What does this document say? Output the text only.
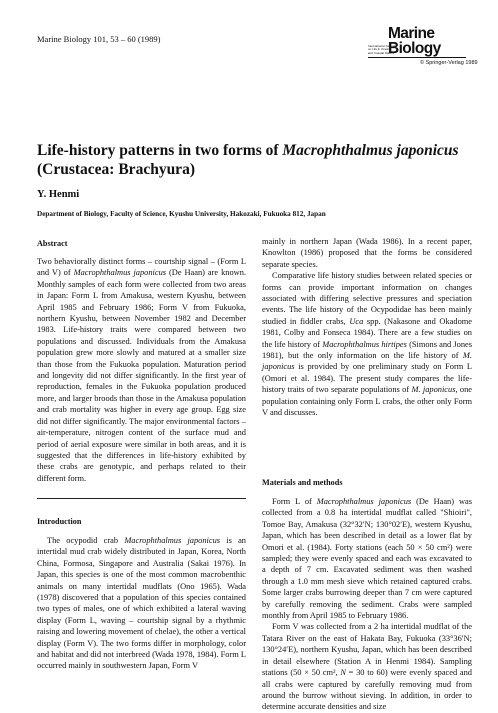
Marine Biology 101, 53 – 60 (1989)
International Journal
on Life in Oceans
and Coastal Waters
Marine
Biology
© Springer-Verlag 1989
Life-history patterns in two forms of Macrophthalmus japonicus (Crustacea: Brachyura)
Y. Henmi
Department of Biology, Faculty of Science, Kyushu University, Hakozaki, Fukuoka 812, Japan
Abstract

Two behaviorally distinct forms – courtship signal – (Form L and V) of Macrophthalmus japonicus (De Haan) are known. Monthly samples of each form were collected from two areas in Japan: Form L from Amakusa, western Kyushu, between April 1985 and February 1986; Form V from Fukuoka, northern Kyushu, between November 1982 and December 1983. Life-history traits were compared between two populations and discussed. Individuals from the Amakusa population grew more slowly and matured at a smaller size than those from the Fukuoka population. Maturation period and longevity did not differ significantly. In the first year of reproduction, females in the Fukuoka population produced more, and larger broods than those in the Amakusa population and crab mortality was higher in every age group. Egg size did not differ significantly. The major environmental factors – air-temperature, nitrogen content of the surface mud and period of aerial exposure were similar in both areas, and it is suggested that the differences in life-history exhibited by these crabs are genotypic, and perhaps related to their different form.

Introduction

The ocypodid crab Macrophthalmus japonicus is an intertidal mud crab widely distributed in Japan, Korea, North China, Formosa, Singapore and Australia (Sakai 1976). In Japan, this species is one of the most common macrobenthic animals on many intertidal mudflats (Ono 1965). Wada (1978) discovered that a population of this species contained two types of males, one of which exhibited a lateral waving display (Form L, waving – courtship signal by a rhythmic raising and lowering movement of chelae), the other a vertical display (Form V). The two forms differ in morphology, color and habitat and did not interbreed (Wada 1978, 1984). Form L occurred mainly in southwestern Japan, Form V

mainly in northern Japan (Wada 1986). In a recent paper, Knowlton (1986) proposed that the forms be considered separate species.

Comparative life history studies between related species or forms can provide important information on changes associated with differing selective pressures and speciation events. The life history of the Ocypodidae has been mainly studied in fiddler crabs, Uca spp. (Nakasone and Okadome 1981, Colby and Fonseca 1984). There are a few studies on the life history of Macrophthalmus hirtipes (Simons and Jones 1981), but the only information on the life history of M. japonicus is provided by one preliminary study on Form L (Omori et al. 1984). The present study compares the life-history traits of two separate populations of M. japonicus, one population containing only Form L crabs, the other only Form V and discusses.

Materials and methods

Form L of Macrophthalmus japonicus (De Haan) was collected from a 0.8 ha intertidal mudflat called "Shioiri", Tomoe Bay, Amakusa (32°32′N; 130°02′E), western Kyushu, Japan, which has been described in detail as a lower flat by Omori et al. (1984). Forty stations (each 50 × 50 cm²) were sampled; they were evenly spaced and each was excavated to a depth of 7 cm. Excavated sediment was then washed through a 1.0 mm mesh sieve which retained captured crabs. Some larger crabs burrowing deeper than 7 cm were captured by carefully removing the sediment. Crabs were sampled monthly from April 1985 to February 1986.

Form V was collected from a 2 ha intertidal mudflat of the Tatara River on the east of Hakata Bay, Fukuoka (33°36′N; 130°24′E), northern Kyushu, Japan, which has been described in detail elsewhere (Station A in Henmi 1984). Sampling stations (50 × 50 cm², N = 30 to 60) were evenly spaced and all crabs were captured by carefully removing mud from around the burrow without sieving. In addition, in order to determine accurate densities and size
